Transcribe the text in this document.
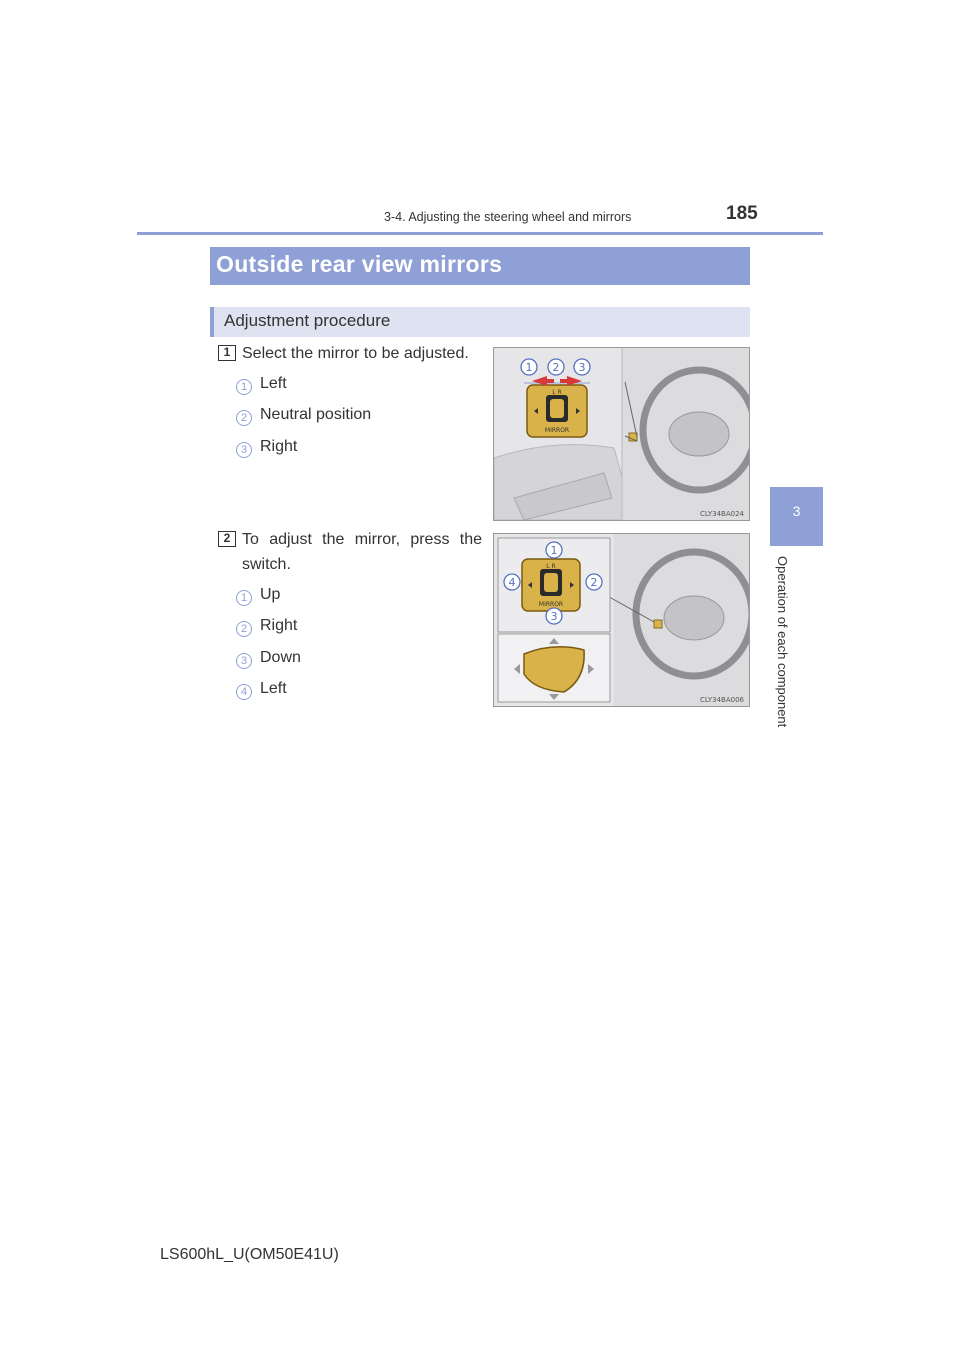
3-4. Adjusting the steering wheel and mirrors	185
3
Operation of each component
Outside rear view mirrors
Adjustment procedure
1 Select the mirror to be adjusted.
1 Left
2 Neutral position
3 Right
MIRROR
L R
1 2 3
CLY34BA024
2 To adjust the mirror, press the switch.
1 Up
2 Right
3 Down
4 Left
MIRROR
L R
1
2
3
4
CLY34BA006
LS600hL_U(OM50E41U)
